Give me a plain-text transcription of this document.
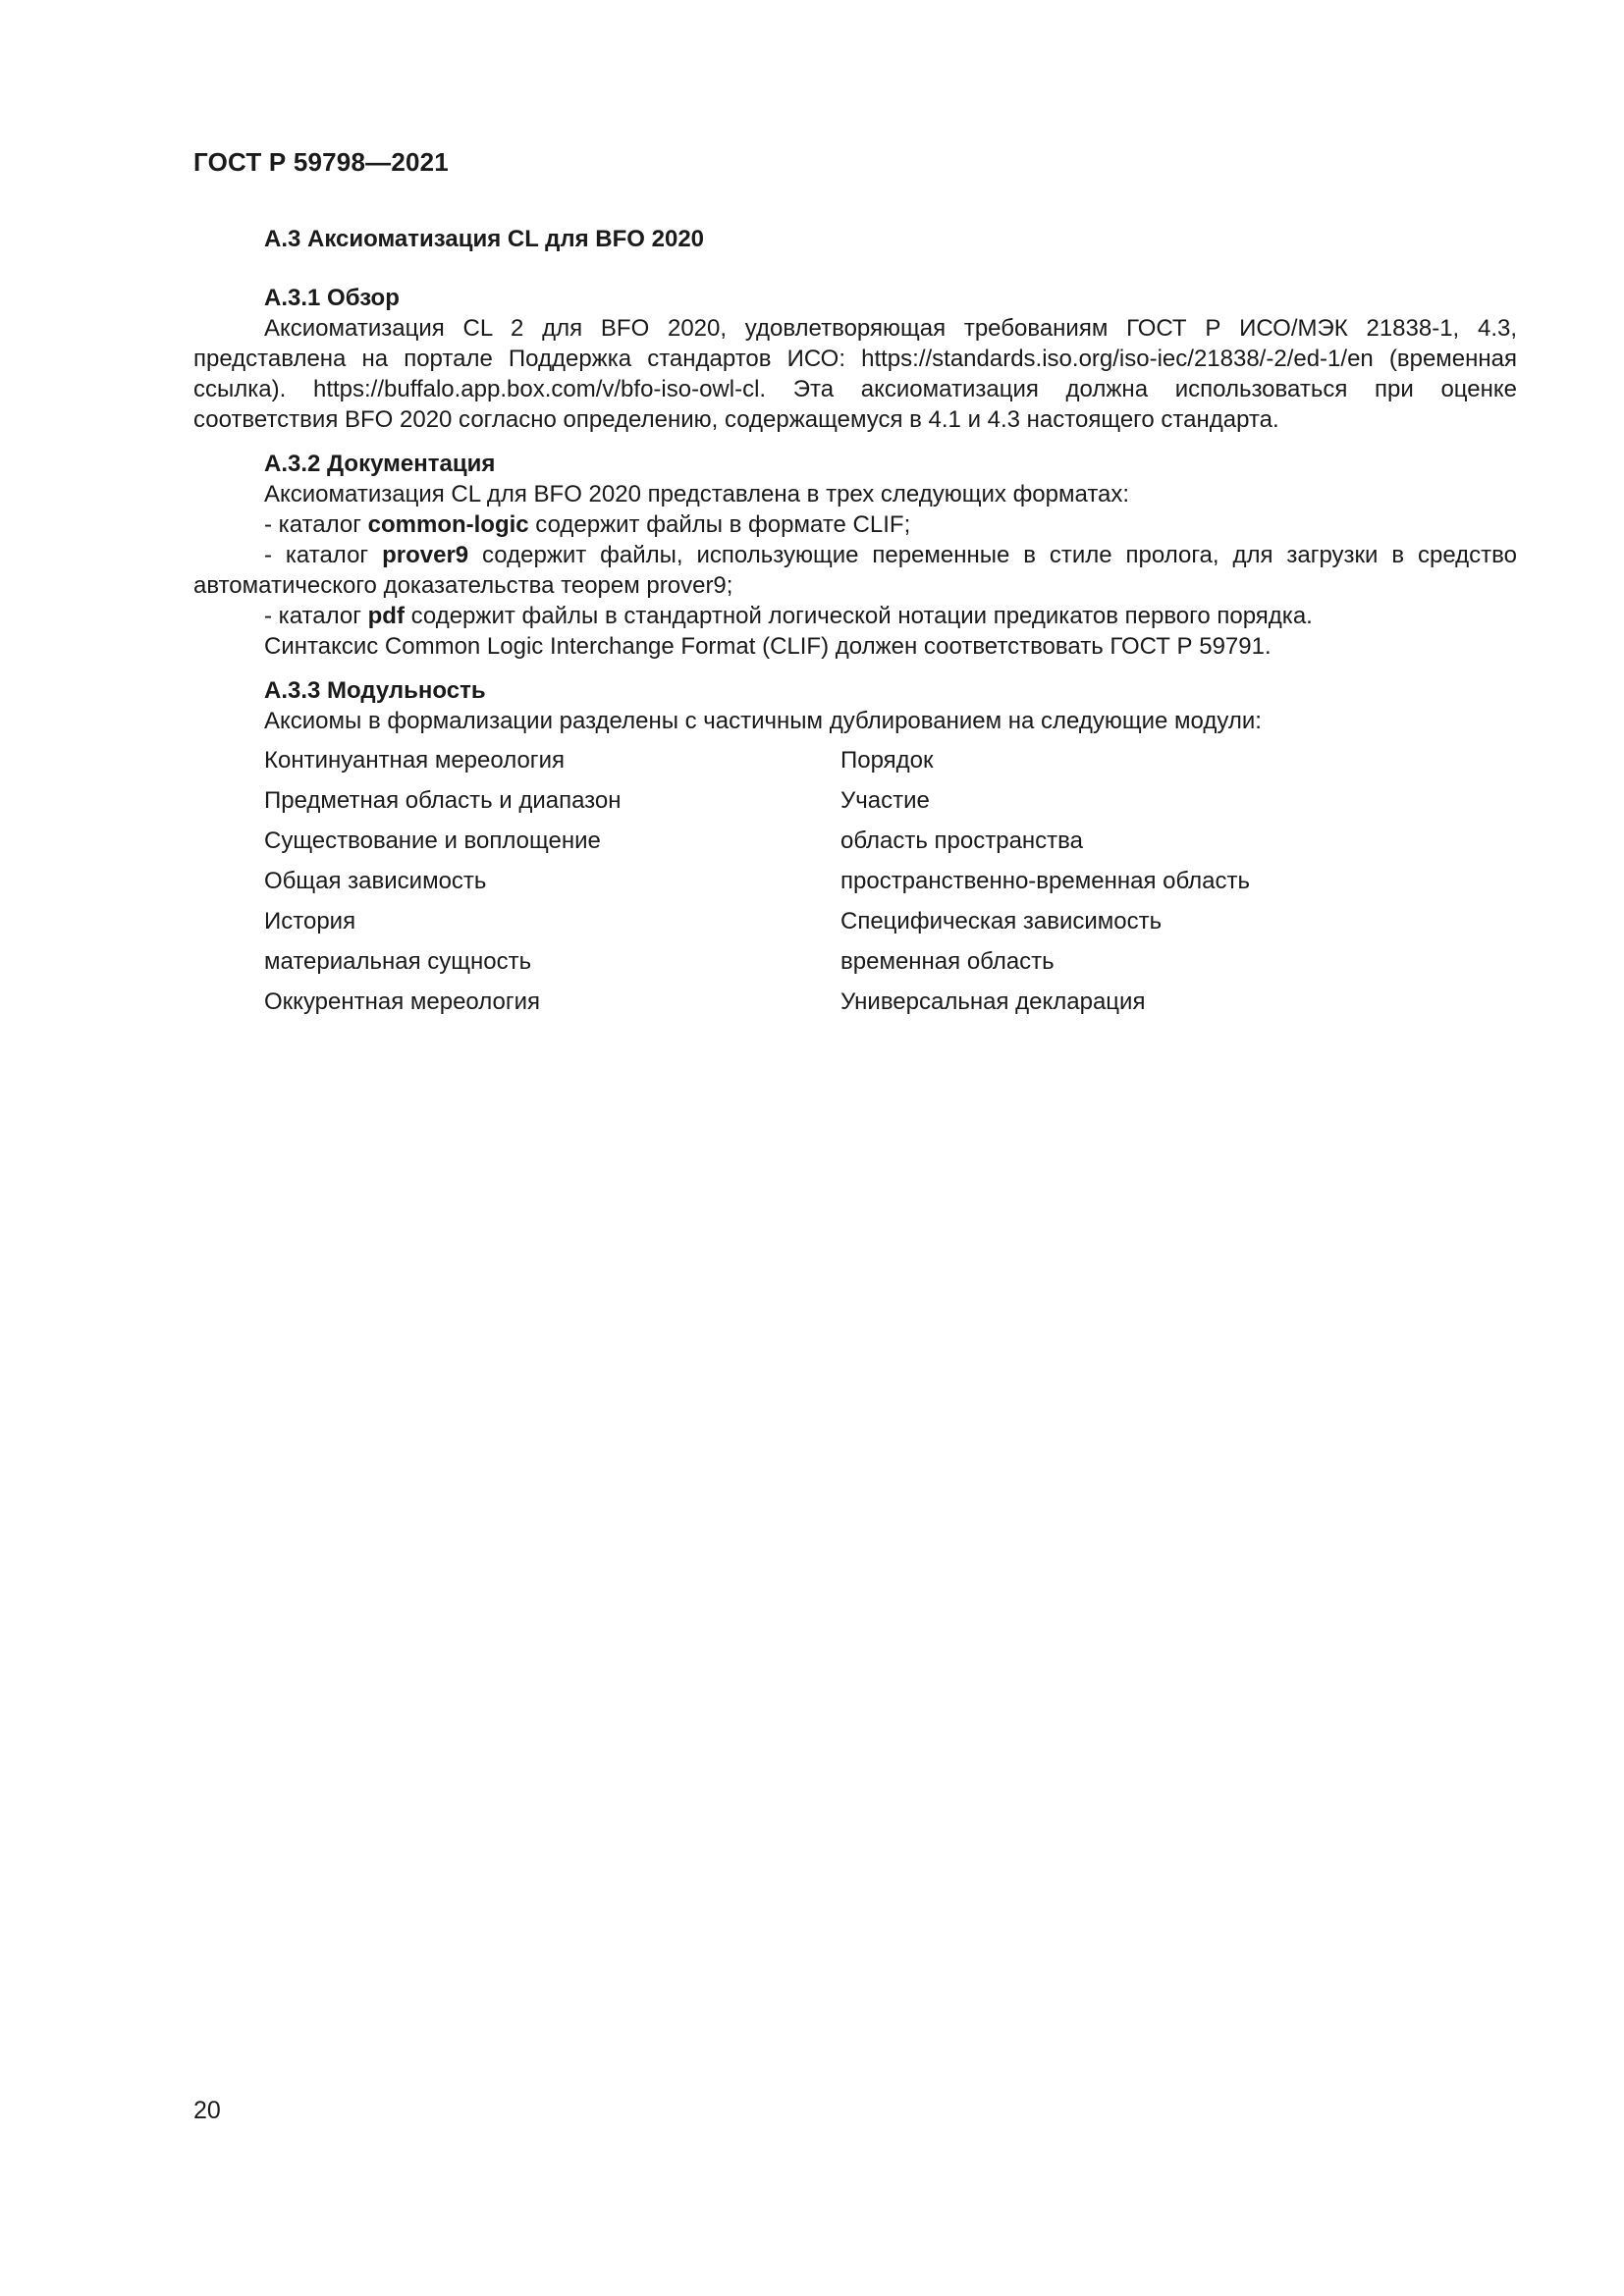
ГОСТ Р 59798—2021
А.3 Аксиоматизация CL для BFO 2020
А.3.1 Обзор
Аксиоматизация CL 2 для BFO 2020, удовлетворяющая требованиям ГОСТ Р ИСО/МЭК 21838-1, 4.3, представлена на портале Поддержка стандартов ИСО: https://standards.iso.org/iso-iec/21838/-2/ed-1/en (временная ссылка). https://buffalo.app.box.com/v/bfo-iso-owl-cl. Эта аксиоматизация должна использоваться при оценке соответствия BFO 2020 согласно определению, содержащемуся в 4.1 и 4.3 настоящего стандарта.
А.3.2 Документация
Аксиоматизация CL для BFO 2020 представлена в трех следующих форматах:
- каталог common-logic содержит файлы в формате CLIF;
- каталог prover9 содержит файлы, использующие переменные в стиле пролога, для загрузки в средство автоматического доказательства теорем prover9;
- каталог pdf содержит файлы в стандартной логической нотации предикатов первого порядка.
Синтаксис Common Logic Interchange Format (CLIF) должен соответствовать ГОСТ Р 59791.
А.3.3 Модульность
Аксиомы в формализации разделены с частичным дублированием на следующие модули:
Континуантная мереология	Порядок
Предметная область и диапазон	Участие
Существование и воплощение	область пространства
Общая зависимость	пространственно-временная область
История	Специфическая зависимость
материальная сущность	временная область
Оккурентная мереология	Универсальная декларация
20
